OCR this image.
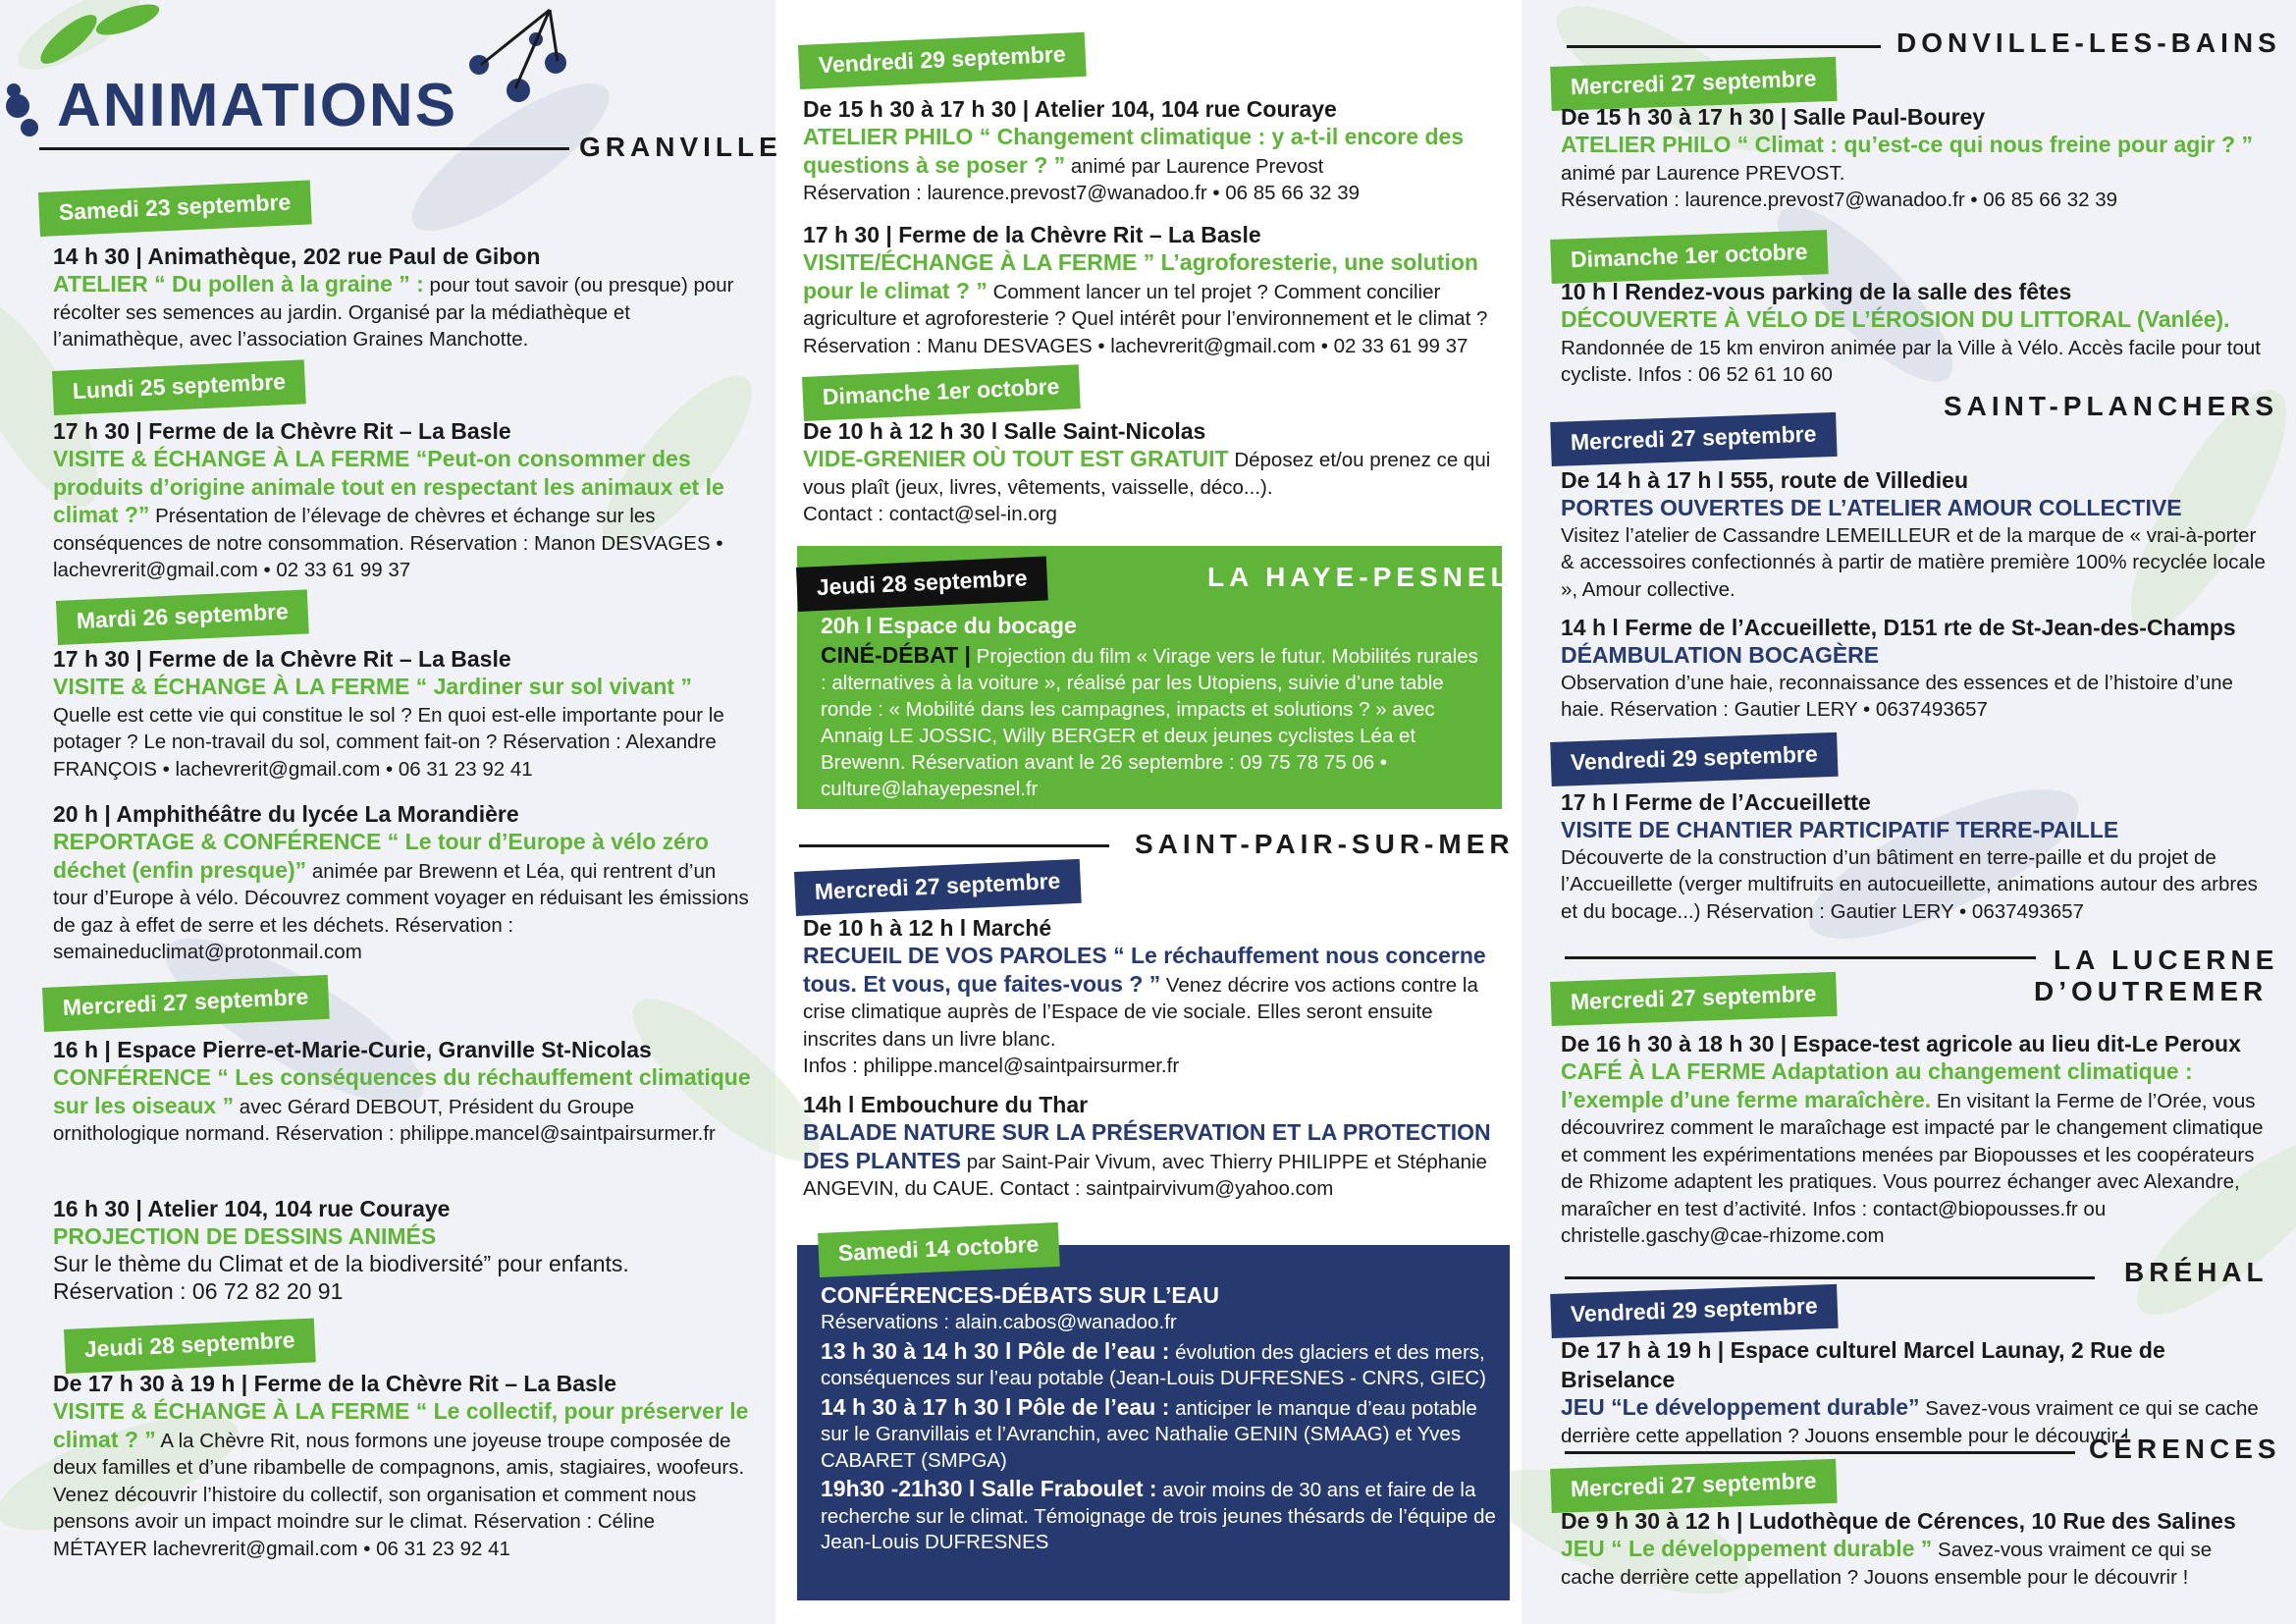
ANIMATIONS
GRANVILLE
Samedi 23 septembre
14 h 30 | Animathèque, 202 rue Paul de Gibon
ATELIER “ Du pollen à la graine ” : pour tout savoir (ou presque) pour récolter ses semences au jardin. Organisé par la médiathèque et l’animathèque, avec l’association Graines Manchotte.
Lundi 25 septembre
17 h 30 | Ferme de la Chèvre Rit – La Basle
VISITE & ÉCHANGE À LA FERME “Peut-on consommer des produits d’origine animale tout en respectant les animaux et le climat ?” Présentation de l’élevage de chèvres et échange sur les conséquences de notre consommation. Réservation : Manon DESVAGES • lachevrerit@gmail.com • 02 33 61 99 37
Mardi 26 septembre
17 h 30 | Ferme de la Chèvre Rit – La Basle
VISITE & ÉCHANGE À LA FERME “ Jardiner sur sol vivant ” Quelle est cette vie qui constitue le sol ? En quoi est-elle importante pour le potager ? Le non-travail du sol, comment fait-on ? Réservation : Alexandre FRANÇOIS • lachevrerit@gmail.com • 06 31 23 92 41
20 h | Amphithéâtre du lycée La Morandière
REPORTAGE & CONFÉRENCE “ Le tour d’Europe à vélo zéro déchet (enfin presque)” animée par Brewenn et Léa, qui rentrent d’un tour d’Europe à vélo. Découvrez comment voyager en réduisant les émissions de gaz à effet de serre et les déchets. Réservation : semaineduclimat@protonmail.com
Mercredi 27 septembre
16 h | Espace Pierre-et-Marie-Curie, Granville St-Nicolas
CONFÉRENCE “ Les conséquences du réchauffement climatique sur les oiseaux ” avec Gérard DEBOUT, Président du Groupe ornithologique normand. Réservation : philippe.mancel@saintpairsurmer.fr
16 h 30 | Atelier 104, 104 rue Couraye
PROJECTION DE DESSINS ANIMÉS
Sur le thème du Climat et de la biodiversité” pour enfants. Réservation : 06 72 82 20 91
Jeudi 28 septembre
De 17 h 30 à 19 h | Ferme de la Chèvre Rit – La Basle
VISITE & ÉCHANGE À LA FERME “ Le collectif, pour préserver le climat ? ” A la Chèvre Rit, nous formons une joyeuse troupe composée de deux familles et d’une ribambelle de compagnons, amis, stagiaires, woofeurs. Venez découvrir l’histoire du collectif, son organisation et comment nous pensons avoir un impact moindre sur le climat. Réservation : Céline MÉTAYER lachevrerit@gmail.com • 06 31 23 92 41
Vendredi 29 septembre
De 15 h 30 à 17 h 30 | Atelier 104, 104 rue Couraye
ATELIER PHILO “ Changement climatique : y a-t-il encore des questions à se poser ? ” animé par Laurence Prevost
Réservation : laurence.prevost7@wanadoo.fr • 06 85 66 32 39
17 h 30 | Ferme de la Chèvre Rit – La Basle
VISITE/ÉCHANGE À LA FERME ” L’agroforesterie, une solution pour le climat ? ” Comment lancer un tel projet ? Comment concilier agriculture et agroforesterie ? Quel intérêt pour l’environnement et le climat ?
Réservation : Manu DESVAGES • lachevrerit@gmail.com • 02 33 61 99 37
Dimanche 1er octobre
De 10 h à 12 h 30 l Salle Saint-Nicolas
VIDE-GRENIER OÙ TOUT EST GRATUIT Déposez et/ou prenez ce qui vous plaît (jeux, livres, vêtements, vaisselle, déco...).
Contact : contact@sel-in.org
Jeudi 28 septembre	LA HAYE-PESNEL
20h l Espace du bocage
CINÉ-DÉBAT | Projection du film « Virage vers le futur. Mobilités rurales : alternatives à la voiture », réalisé par les Utopiens, suivie d’une table ronde : « Mobilité dans les campagnes, impacts et solutions ? » avec Annaig LE JOSSIC, Willy BERGER et deux jeunes cyclistes Léa et Brewenn. Réservation avant le 26 septembre : 09 75 78 75 06 • culture@lahayepesnel.fr
SAINT-PAIR-SUR-MER
Mercredi 27 septembre
De 10 h à 12 h l Marché
RECUEIL DE VOS PAROLES “ Le réchauffement nous concerne tous. Et vous, que faites-vous ? ” Venez décrire vos actions contre la crise climatique auprès de l’Espace de vie sociale. Elles seront ensuite inscrites dans un livre blanc.
Infos : philippe.mancel@saintpairsurmer.fr
14h l Embouchure du Thar
BALADE NATURE SUR LA PRÉSERVATION ET LA PROTECTION DES PLANTES par Saint-Pair Vivum, avec Thierry PHILIPPE et Stéphanie ANGEVIN, du CAUE. Contact : saintpairvivum@yahoo.com
Samedi 14 octobre
CONFÉRENCES-DÉBATS SUR L’EAU
Réservations : alain.cabos@wanadoo.fr
13 h 30 à 14 h 30 l Pôle de l’eau : évolution des glaciers et des mers, conséquences sur l’eau potable (Jean-Louis DUFRESNES - CNRS, GIEC)
14 h 30 à 17 h 30 l Pôle de l’eau : anticiper le manque d’eau potable sur le Granvillais et l’Avranchin, avec Nathalie GENIN (SMAAG) et Yves CABARET (SMPGA)
19h30 -21h30 l Salle Fraboulet : avoir moins de 30 ans et faire de la recherche sur le climat. Témoignage de trois jeunes thésards de l’équipe de Jean-Louis DUFRESNES
DONVILLE-LES-BAINS
Mercredi 27 septembre
De 15 h 30 à 17 h 30 | Salle Paul-Bourey
ATELIER PHILO “ Climat : qu’est-ce qui nous freine pour agir ? ” animé par Laurence PREVOST.
Réservation : laurence.prevost7@wanadoo.fr • 06 85 66 32 39
Dimanche 1er octobre
10 h l Rendez-vous parking de la salle des fêtes
DÉCOUVERTE À VÉLO DE L’ÉROSION DU LITTORAL (Vanlée). Randonnée de 15 km environ animée par la Ville à Vélo. Accès facile pour tout cycliste. Infos : 06 52 61 10 60
SAINT-PLANCHERS
Mercredi 27 septembre
De 14 h à 17 h l 555, route de Villedieu
PORTES OUVERTES DE L’ATELIER AMOUR COLLECTIVE
Visitez l’atelier de Cassandre LEMEILLEUR et de la marque de « vrai-à-porter & accessoires confectionnés à partir de matière première 100% recyclée locale », Amour collective.
14 h l Ferme de l’Accueillette, D151 rte de St-Jean-des-Champs
DÉAMBULATION BOCAGÈRE
Observation d’une haie, reconnaissance des essences et de l’histoire d’une haie. Réservation : Gautier LERY • 0637493657
Vendredi 29 septembre
17 h l Ferme de l’Accueillette
VISITE DE CHANTIER PARTICIPATIF TERRE-PAILLE
Découverte de la construction d’un bâtiment en terre-paille et du projet de l’Accueillette (verger multifruits en autocueillette, animations autour des arbres et du bocage...) Réservation : Gautier LERY • 0637493657
LA LUCERNE
D’OUTREMER
Mercredi 27 septembre
De 16 h 30 à 18 h 30 | Espace-test agricole au lieu dit-Le Peroux
CAFÉ À LA FERME Adaptation au changement climatique : l’exemple d’une ferme maraîchère. En visitant la Ferme de l’Orée, vous découvrirez comment le maraîchage est impacté par le changement climatique et comment les expérimentations menées par Biopousses et les coopérateurs de Rhizome adaptent les pratiques. Vous pourrez échanger avec Alexandre, maraîcher en test d’activité. Infos : contact@biopousses.fr ou christelle.gaschy@cae-rhizome.com
BRÉHAL
Vendredi 29 septembre
De 17 h à 19 h | Espace culturel Marcel Launay, 2 Rue de Briselance
JEU “Le développement durable” Savez-vous vraiment ce qui se cache derrière cette appellation ? Jouons ensemble pour le découvrir !
CÉRENCES
Mercredi 27 septembre
De 9 h 30 à 12 h | Ludothèque de Cérences, 10 Rue des Salines
JEU “ Le développement durable ” Savez-vous vraiment ce qui se cache derrière cette appellation ? Jouons ensemble pour le découvrir !
